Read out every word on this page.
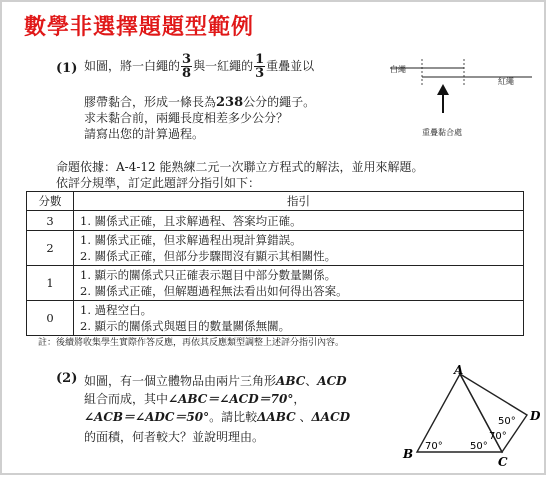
數學非選擇題題型範例
(1) 如圖，將一白繩的 $\frac{3}{8}$ 與一紅繩的 $\frac{1}{3}$ 重疊並以
膠帶黏合，形成一條長為238公分的繩子。
求未黏合前，兩繩長度相差多少公分？
請寫出您的計算過程。
白繩
紅繩
重疊黏合處
命題依據：A-4-12 能熟練二元一次聯立方程式的解法，並用來解題。
依評分規準，訂定此題評分指引如下：
分數	指引
3	1. 關係式正確，且求解過程、答案均正確。

2	1. 關係式正確，但求解過程出現計算錯誤。
2. 關係式正確，但部分步驟間沒有顯示其相關性。

1	1. 顯示的關係式只正確表示題目中部分數量關係。
2. 關係式正確，但解題過程無法看出如何得出答案。

0	1. 過程空白。
2. 顯示的關係式與題目的數量關係無關。
註：後續將收集學生實際作答反應，再依其反應類型調整上述評分指引內容。
(2) 如圖，有一個立體物品由兩片三角形ABC、ACD
組合而成，其中∠ABC＝∠ACD＝70°，
∠ACB＝∠ADC＝50°。請比較ΔABC 、ΔACD
的面積，何者較大？並說明理由。
A
B
C
D
70°	50°
70°
50°
